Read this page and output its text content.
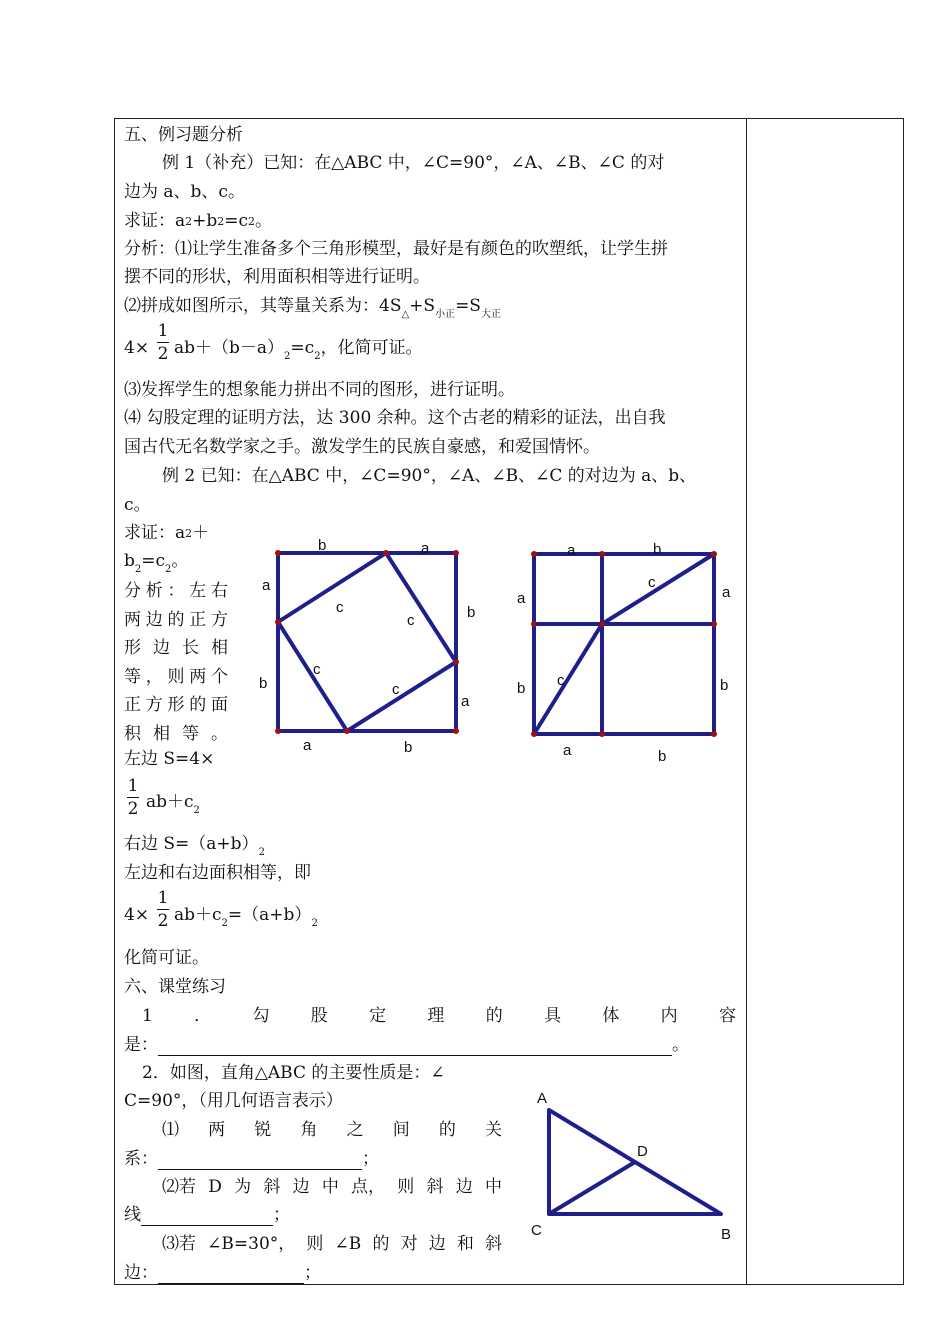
五、例习题分析
例 1（补充）已知：在△ABC 中，∠C=90°，∠A、∠B、∠C 的对
边为 a、b、c。
求证：a2+b2=c2。
分析：⑴让学生准备多个三角形模型，最好是有颜色的吹塑纸，让学生拼
摆不同的形状，利用面积相等进行证明。
⑵拼成如图所示，其等量关系为：$4S_\triangle+S_{小正}=S_{大正}$
4×
1
2 $ab+(b-a)_2=c_2$，化简可证。
⑶发挥学生的想象能力拼出不同的图形，进行证明。
⑷ 勾股定理的证明方法，达 300 余种。这个古老的精彩的证法，出自我
国古代无名数学家之手。激发学生的民族自豪感，和爱国情怀。
例 2 已知：在△ABC 中，∠C=90°，∠A、∠B、∠C 的对边为 a、b、
c。
求证：a2＋
$b_2=c_2$。
分 析 ： 左 右
两 边 的 正 方
形 边 长 相
等 ， 则 两 个
正 方 形 的 面
积 相 等 。
左边 S=4×
1
2 $ab+c_2$
右边 $S=(a+b)_2$
左边和右边面积相等，即
4×
1
2 $ab+c_2=(a+b)_2$
化简可证。
六、课堂练习
1 ． 勾 股 定 理 的 具 体 内 容
是：	。
2．如图，直角△ABC 的主要性质是：∠
C=90°，（用几何语言表示）
⑴ 两 锐 角 之 间 的 关
系：	；
⑵若 D 为 斜 边 中 点， 则 斜 边 中
线	；
⑶若 ∠B=30°， 则 ∠B 的 对 边 和 斜
边：	；
b	a
a
b
b
a
a	b
c
c
c
c
a	b
a
b
a
b
a	b
c
c
A
D
C	B
